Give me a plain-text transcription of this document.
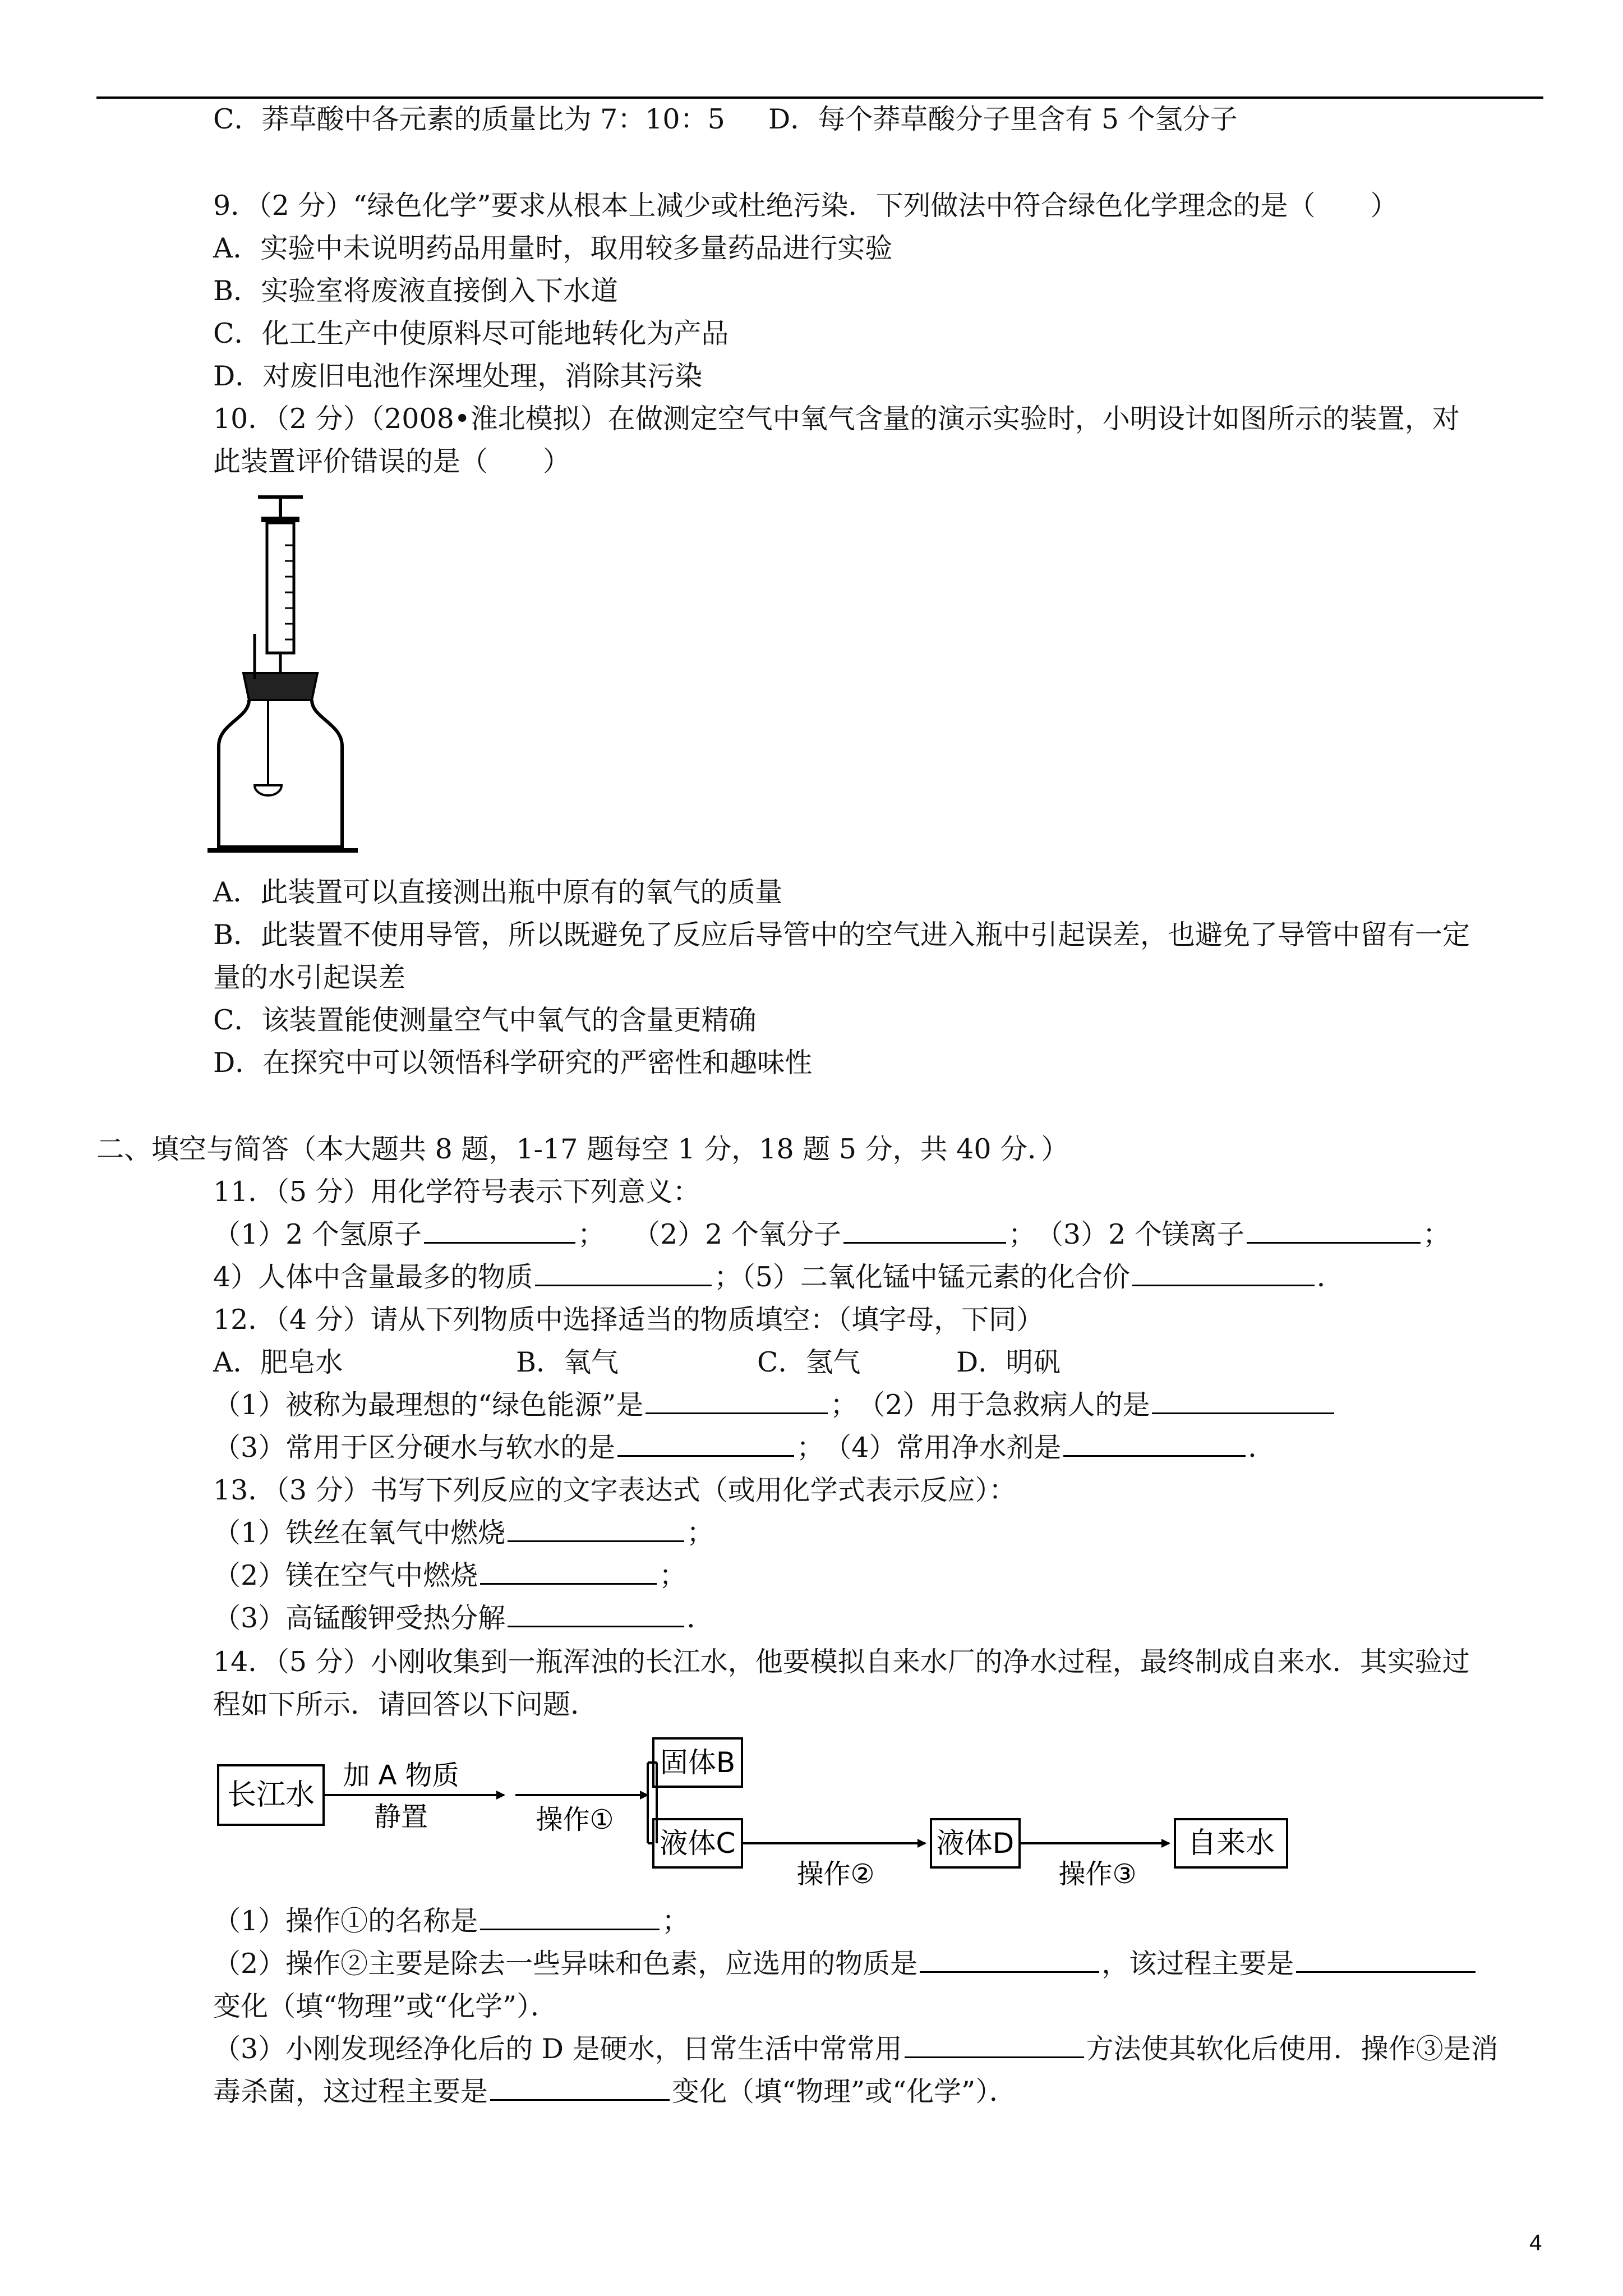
C．莽草酸中各元素的质量比为 7：10：5 D．每个莽草酸分子里含有 5 个氢分子
9．（2 分）“绿色化学”要求从根本上减少或杜绝污染．下列做法中符合绿色化学理念的是（　　）
A．实验中未说明药品用量时，取用较多量药品进行实验
B．实验室将废液直接倒入下水道
C．化工生产中使原料尽可能地转化为产品
D．对废旧电池作深埋处理，消除其污染
10．（2 分）（2008•淮北模拟）在做测定空气中氧气含量的演示实验时，小明设计如图所示的装置，对
此装置评价错误的是（　　）
A．此装置可以直接测出瓶中原有的氧气的质量
B．此装置不使用导管，所以既避免了反应后导管中的空气进入瓶中引起误差，也避免了导管中留有一定
量的水引起误差
C．该装置能使测量空气中氧气的含量更精确
D．在探究中可以领悟科学研究的严密性和趣味性
二、填空与简答（本大题共 8 题，1-17 题每空 1 分，18 题 5 分，共 40 分．）
11．（5 分）用化学符号表示下列意义：
（1）2 个氢原子	；　　（2）2 个氧分子	；　（3）2 个镁离子	；
4）人体中含量最多的物质	；（5）二氧化锰中锰元素的化合价	．
12．（4 分）请从下列物质中选择适当的物质填空：（填字母，下同）
A．肥皂水	B．氧气	C．氢气	D．明矾
（1）被称为最理想的“绿色能源”是	；　（2）用于急救病人的是
（3）常用于区分硬水与软水的是	；　（4）常用净水剂是	．
13．（3 分）书写下列反应的文字表达式（或用化学式表示反应）：
（1）铁丝在氧气中燃烧	；
（2）镁在空气中燃烧	；
（3）高锰酸钾受热分解	．
14．（5 分）小刚收集到一瓶浑浊的长江水，他要模拟自来水厂的净水过程，最终制成自来水．其实验过
程如下所示．请回答以下问题．
长江水
加 A 物质
静置	操作①
固体B
液体C
操作②
液体D
操作③
自来水
（1）操作①的名称是	；
（2）操作②主要是除去一些异味和色素，应选用的物质是	，该过程主要是
变化（填“物理”或“化学”）．
（3）小刚发现经净化后的 D 是硬水，日常生活中常常用	方法使其软化后使用．操作③是消
毒杀菌，这过程主要是	变化（填“物理”或“化学”）．
4
